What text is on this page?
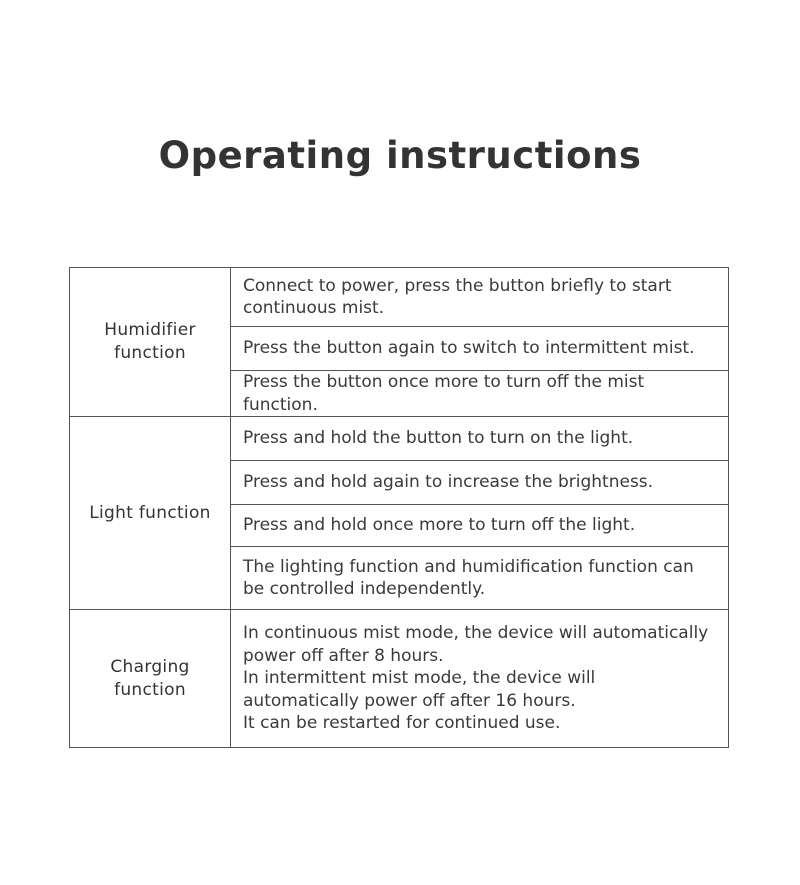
Operating instructions
Humidifier
function	Connect to power, press the button briefly to start
continuous mist.

	Press the button again to switch to intermittent mist.

	Press the button once more to turn off the mist function.

Light function	Press and hold the button to turn on the light.

	Press and hold again to increase the brightness.

	Press and hold once more to turn off the light.

	The lighting function and humidification function can
be controlled independently.

Charging
function	In continuous mist mode, the device will automatically
power off after 8 hours.
In intermittent mist mode, the device will
automatically power off after 16 hours.
It can be restarted for continued use.
